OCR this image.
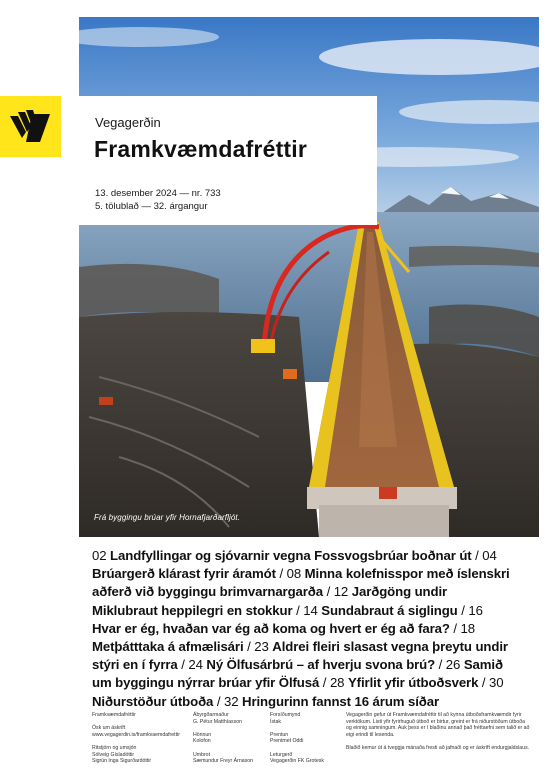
Frá byggingu brúar yfir Hornafjarðarfljót.
Vegagerðin
Framkvæmdafréttir
13. desember 2024 — nr. 733
5. tölublað — 32. árgangur
02 Landfyllingar og sjóvarnir vegna Fossvogsbrúar boðnar út / 04 Brúargerð klárast fyrir áramót / 08 Minna kolefnisspor með íslenskri aðferð við byggingu brimvarnargarða / 12 Jarðgöng undir Miklubraut heppilegri en stokkur / 14 Sundabraut á siglingu / 16 Hvar er ég, hvaðan var ég að koma og hvert er ég að fara? / 18 Metþátttaka á afmælisári / 23 Aldrei fleiri slasast vegna þreytu undir stýri en í fyrra / 24 Ný Ölfusárbrú – af hverju svona brú? / 26 Samið um byggingu nýrrar brúar yfir Ölfusá / 28 Yfirlit yfir útboðsverk / 30 Niðurstöður útboða / 32 Hringurinn fannst 16 árum síðar
Framkvæmdafréttir
Ósk um áskrift
www.vegagerdin.is/framkvaemdafrettir
Ritstjórn og umsjón
Sólveig Gísladóttir
Sigrún Inga Sigurðardóttir
Ábyrgðarmaður
G. Pétur Matthíasson
Hönnun
Kolofon
Umbrot
Sæmundur Freyr Árnason
Forsíðumynd
Ístak
Prentun
Prentmet Oddi
Leturgerð
Vegagerðin FK Grotesk
Vegagerðin gefur út Framkvæmdafréttir til að kynna útboðsframkvæmdir fyrir verktökum. Listi yfir fyrirhuguð útboð er birtur, greint er frá niðurstöðum útboða og einnig samningum. Auk þess er í blaðinu annað það fréttaefni sem talið er að eigi erindi til lesenda.
Blaðið kemur út á tveggja mánaða fresti að jafnaði og er áskrift endurgjaldslaus.
